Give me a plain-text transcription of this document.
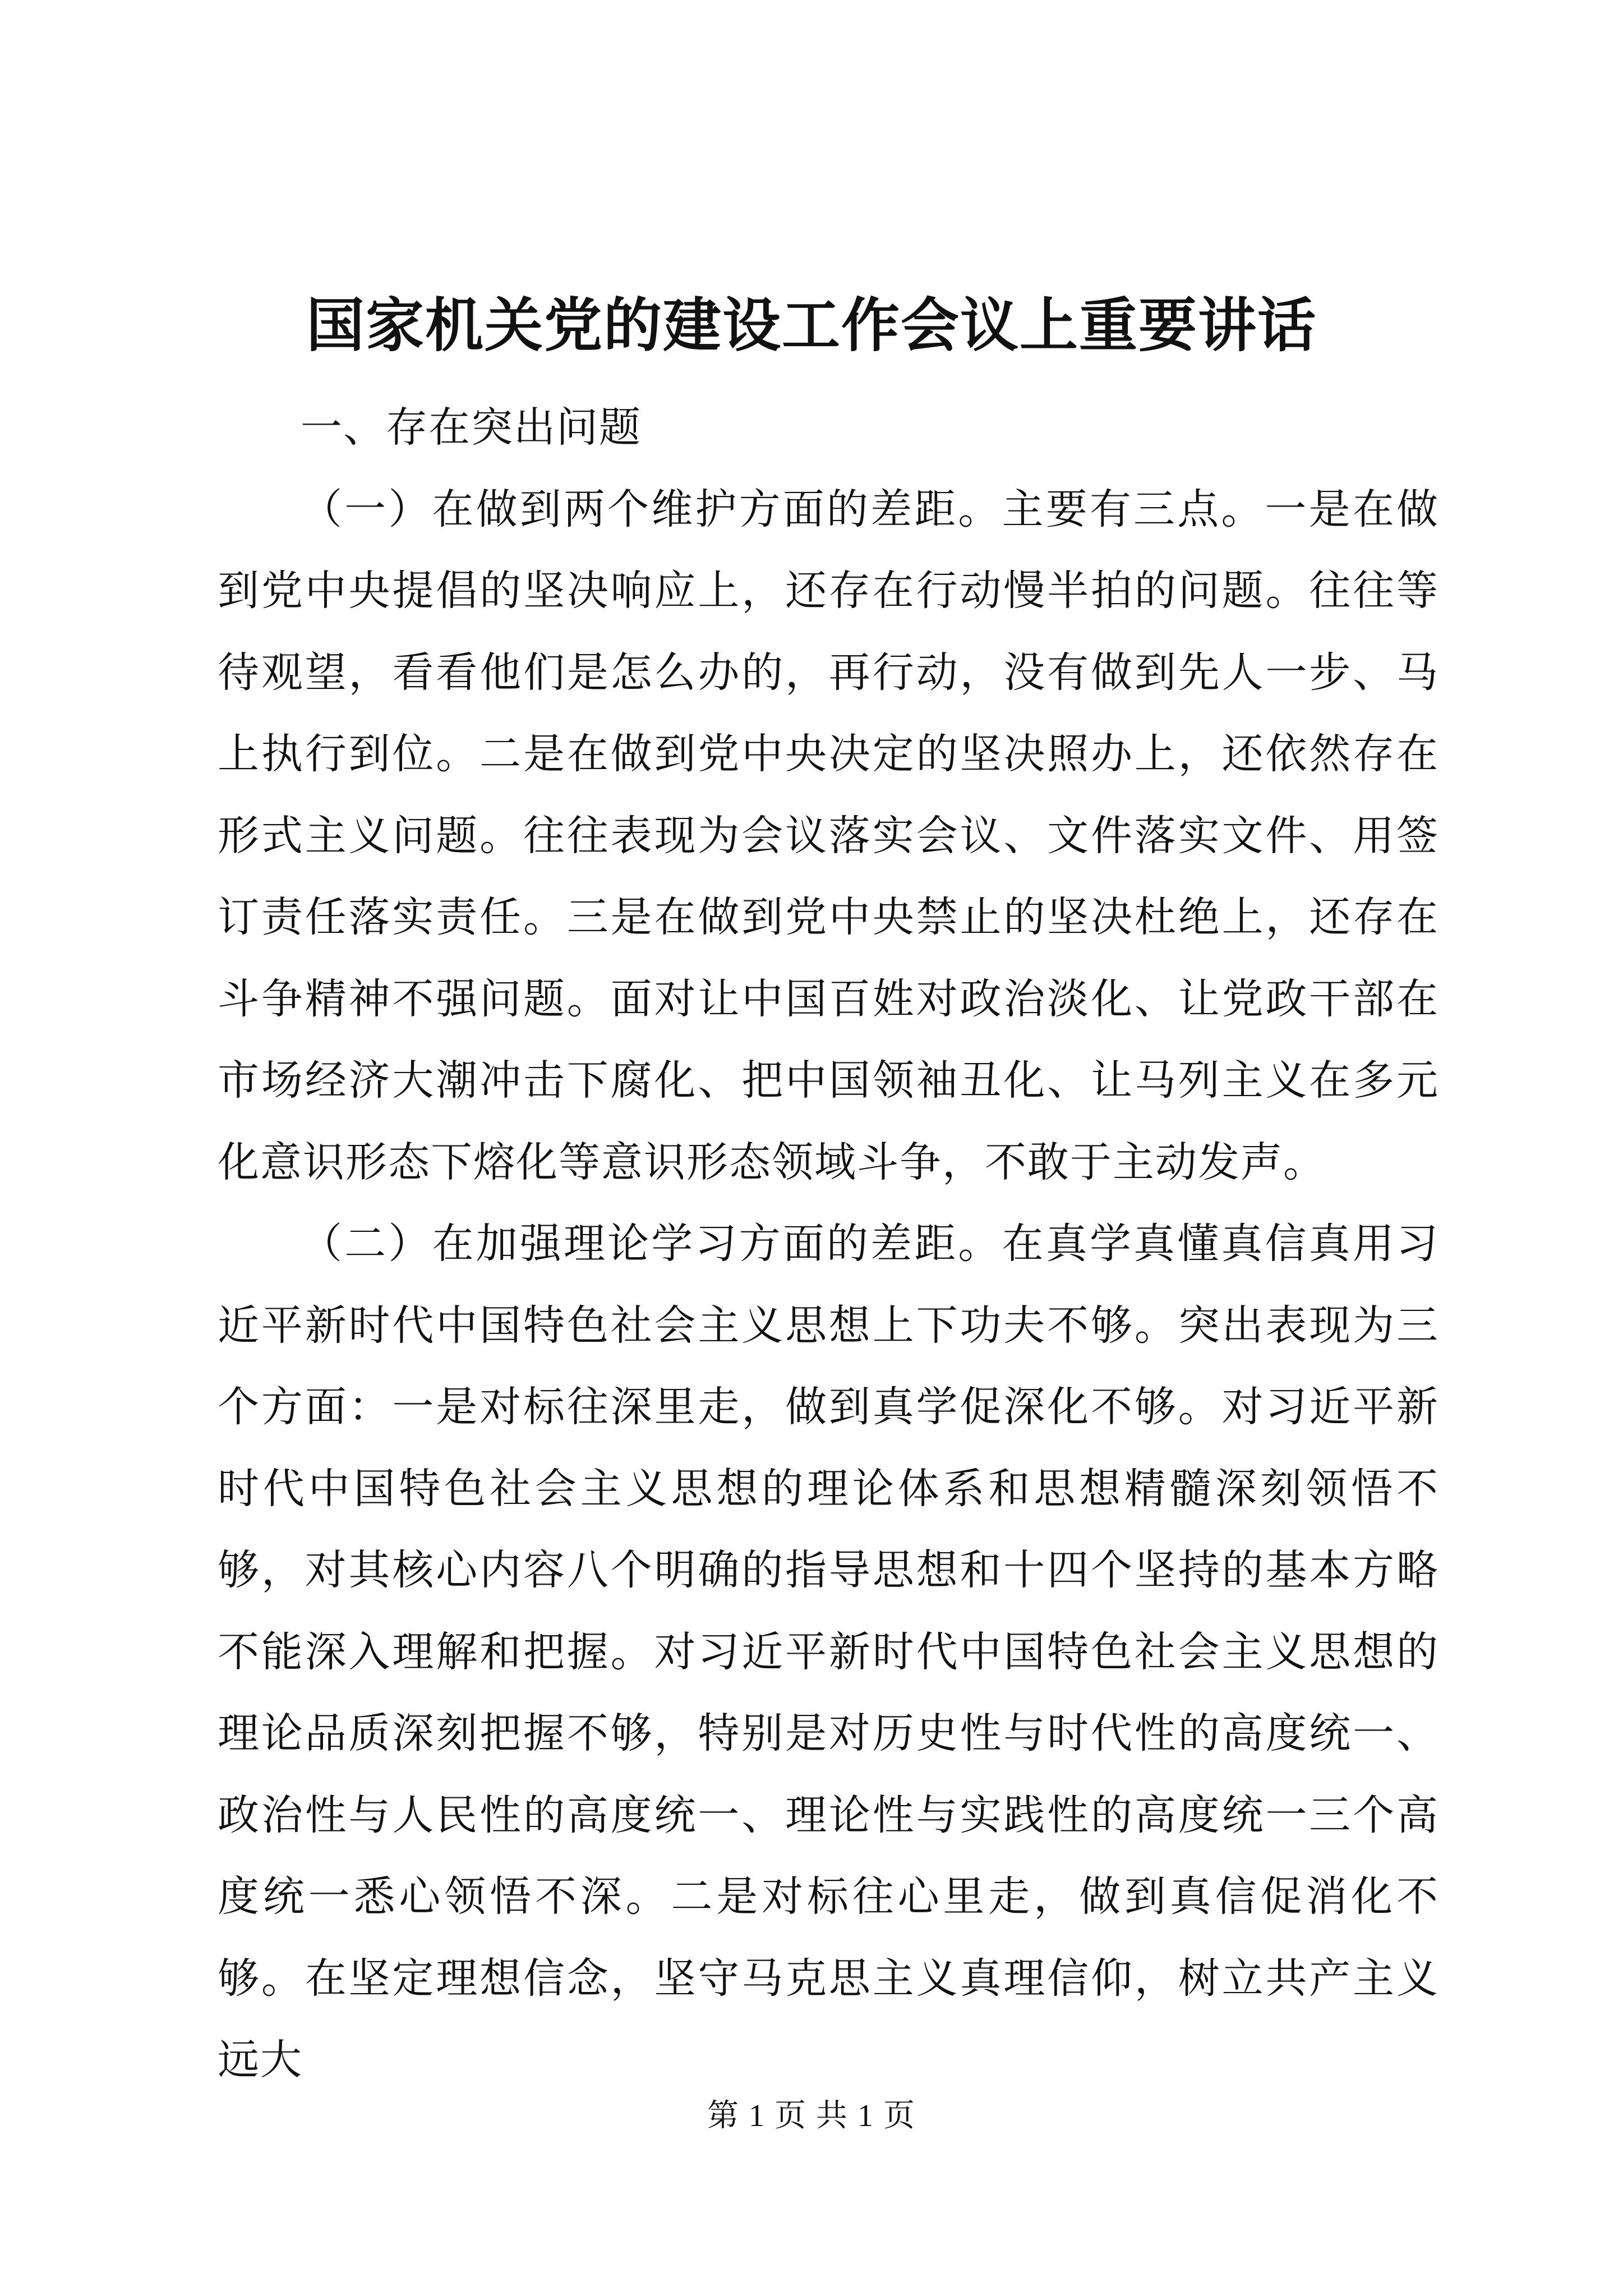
国家机关党的建设工作会议上重要讲话

一、存在突出问题

（一）在做到两个维护方面的差距。主要有三点。一是在做到党中央提倡的坚决响应上，还存在行动慢半拍的问题。往往等待观望，看看他们是怎么办的，再行动，没有做到先人一步、马上执行到位。二是在做到党中央决定的坚决照办上，还依然存在形式主义问题。往往表现为会议落实会议、文件落实文件、用签订责任落实责任。三是在做到党中央禁止的坚决杜绝上，还存在斗争精神不强问题。面对让中国百姓对政治淡化、让党政干部在市场经济大潮冲击下腐化、把中国领袖丑化、让马列主义在多元化意识形态下熔化等意识形态领域斗争，不敢于主动发声。

（二）在加强理论学习方面的差距。在真学真懂真信真用习近平新时代中国特色社会主义思想上下功夫不够。突出表现为三个方面：一是对标往深里走，做到真学促深化不够。对习近平新时代中国特色社会主义思想的理论体系和思想精髓深刻领悟不够，对其核心内容八个明确的指导思想和十四个坚持的基本方略不能深入理解和把握。对习近平新时代中国特色社会主义思想的理论品质深刻把握不够，特别是对历史性与时代性的高度统一、政治性与人民性的高度统一、理论性与实践性的高度统一三个高度统一悉心领悟不深。二是对标往心里走，做到真信促消化不够。在坚定理想信念，坚守马克思主义真理信仰，树立共产主义远大

第 1 页 共 1 页
